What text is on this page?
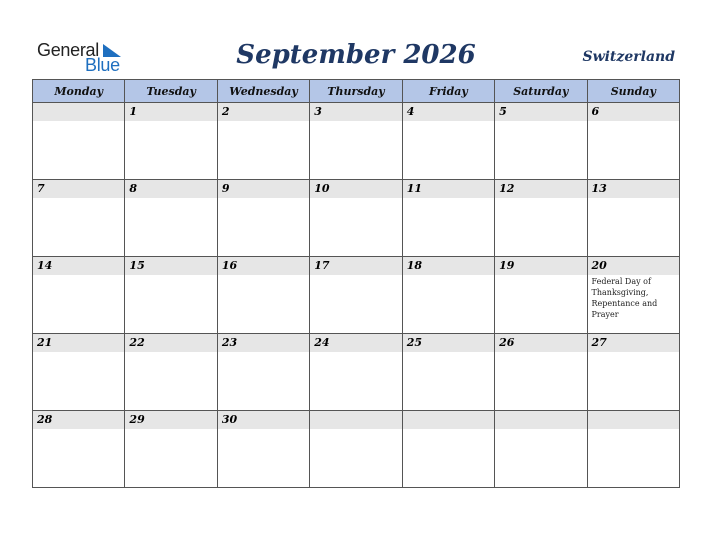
General
Blue	September 2026	Switzerland
Monday	Tuesday	Wednesday	Thursday	Friday	Saturday	Sunday

	1	2	3	4	5	6

7	8	9	10	11	12	13

14	15	16	17	18	19	20
Federal Day of Thanksgiving, Repentance and Prayer

21	22	23	24	25	26	27

28	29	30				
